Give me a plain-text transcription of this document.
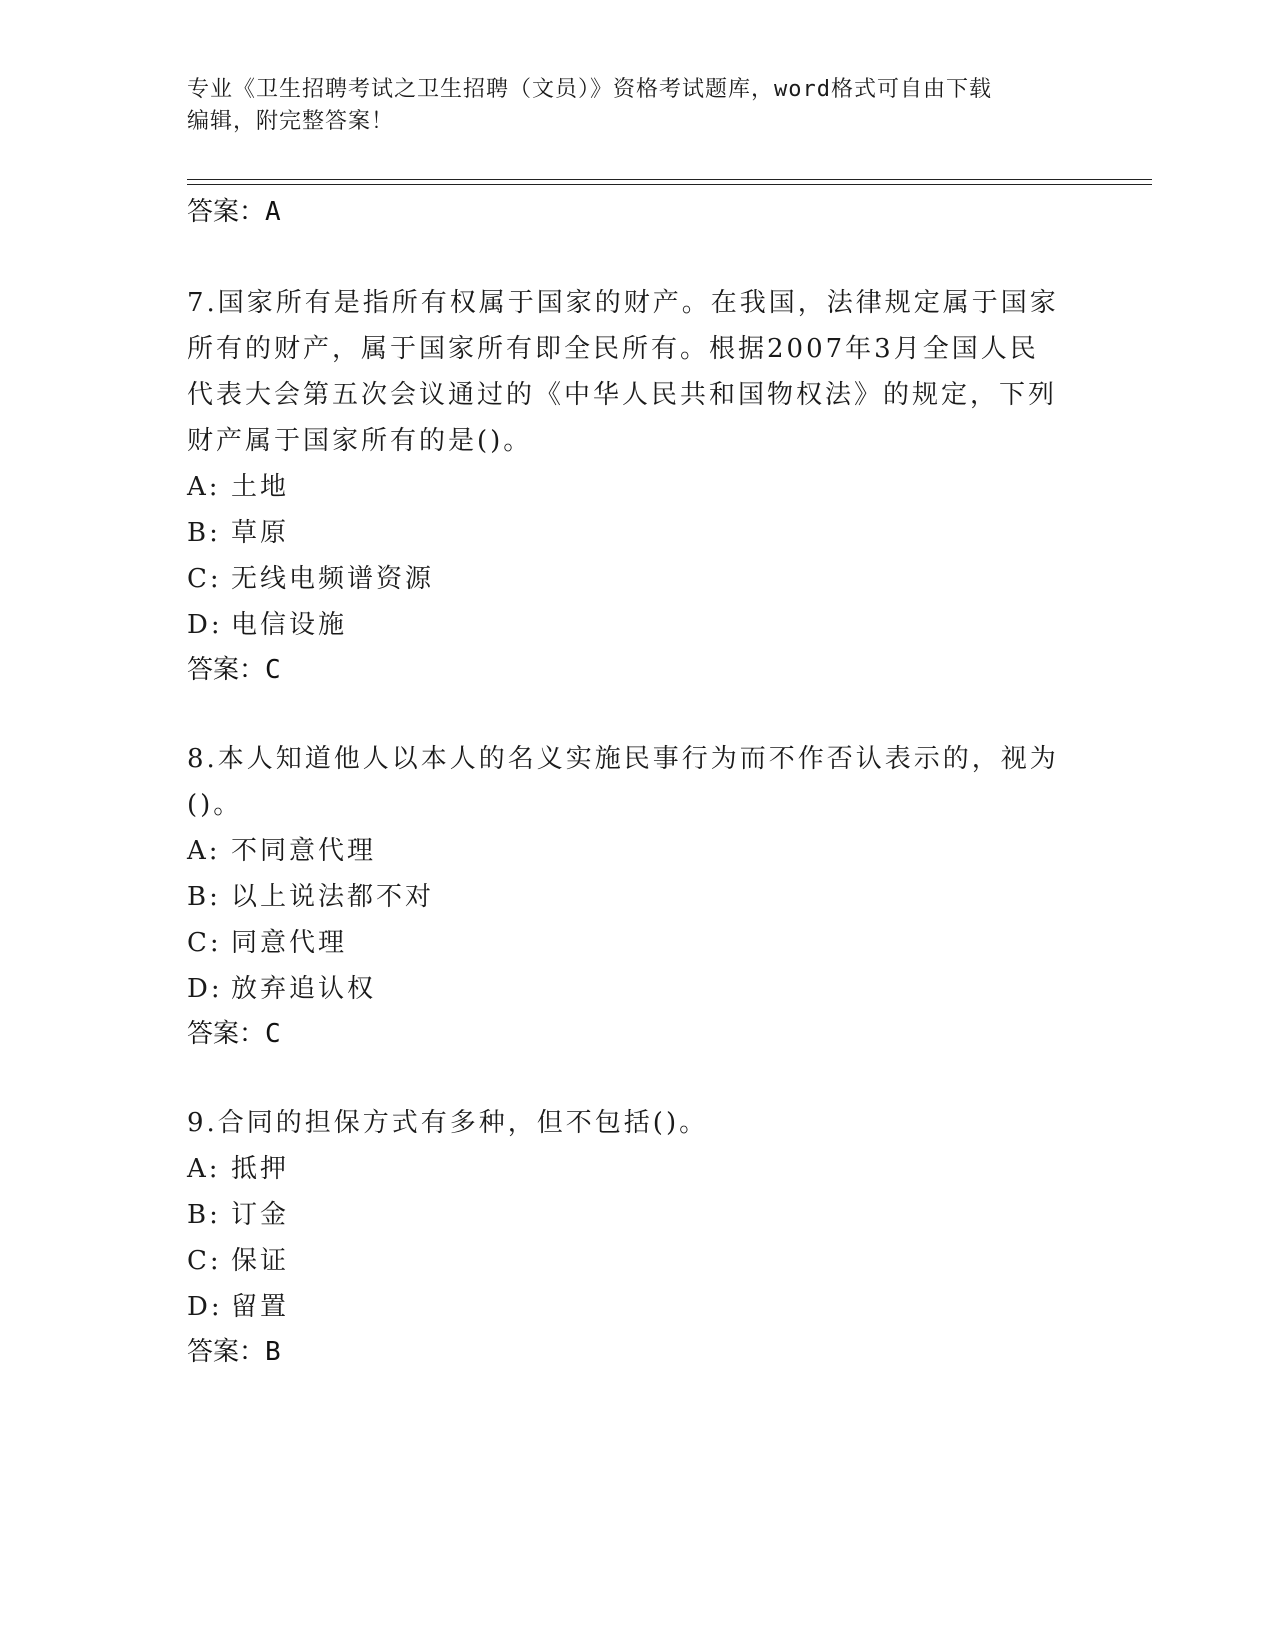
专业《卫生招聘考试之卫生招聘（文员）》资格考试题库，word格式可自由下载
编辑，附完整答案！
答案：A
7.国家所有是指所有权属于国家的财产。在我国，法律规定属于国家所有的财产，属于国家所有即全民所有。根据2007年3月全国人民代表大会第五次会议通过的《中华人民共和国物权法》的规定，下列财产属于国家所有的是()。
A: 土地
B: 草原
C: 无线电频谱资源
D: 电信设施
答案：C
8.本人知道他人以本人的名义实施民事行为而不作否认表示的，视为()。
A: 不同意代理
B: 以上说法都不对
C: 同意代理
D: 放弃追认权
答案：C
9.合同的担保方式有多种，但不包括()。
A: 抵押
B: 订金
C: 保证
D: 留置
答案：B
